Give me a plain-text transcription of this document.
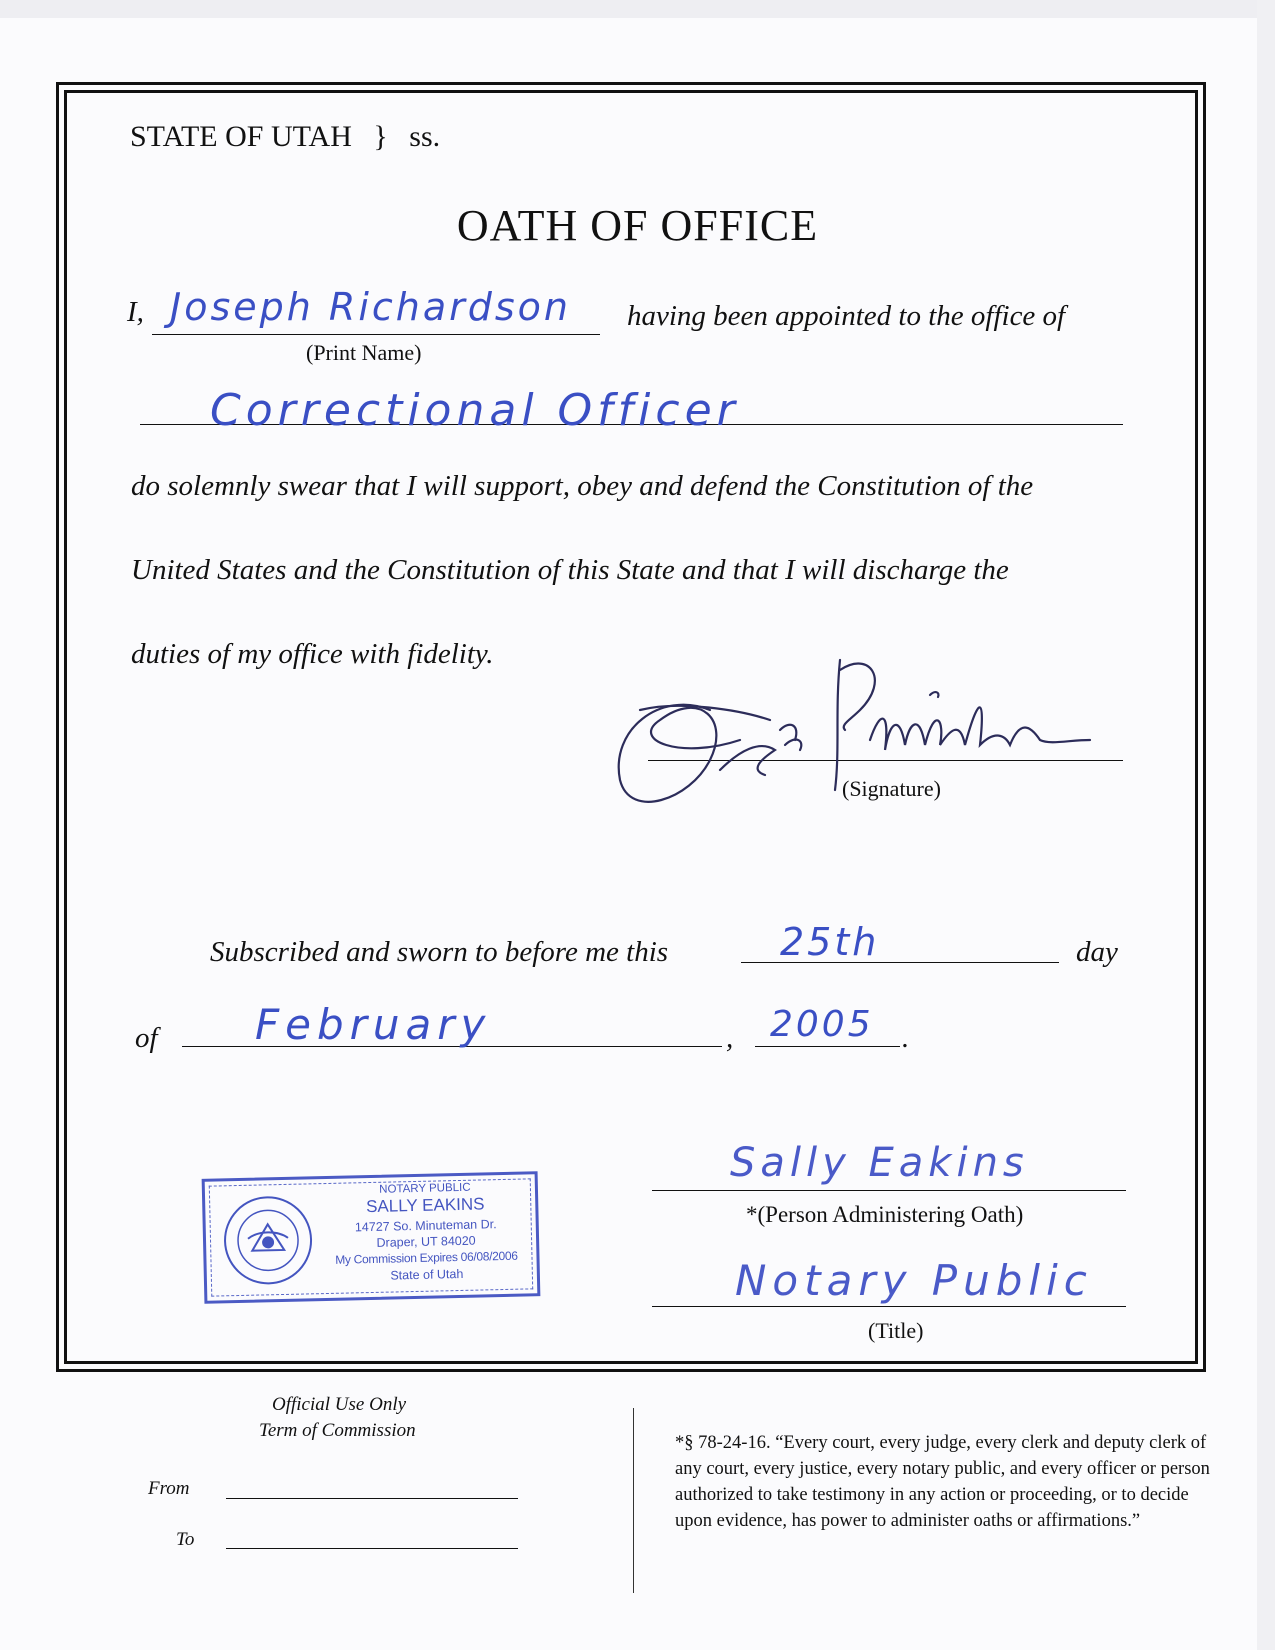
STATE OF UTAH } ss.
OATH OF OFFICE
I, Joseph Richardson
(Print Name)
having been appointed to the office of
Correctional Officer
do solemnly swear that I will support, obey and defend the Constitution of the
United States and the Constitution of this State and that I will discharge the
duties of my office with fidelity.
(Signature)
Subscribed and sworn to before me this	25th	day
of February	, 2005 .
NOTARY PUBLIC
SALLY EAKINS
14727 So. Minuteman Dr.
Draper, UT 84020
My Commission Expires 06/08/2006
State of Utah
Sally Eakins
*(Person Administering Oath)
Notary Public
(Title)
Official Use Only
Term of Commission
From
To
*§ 78-24-16. “Every court, every judge, every clerk and deputy clerk of any court, every justice, every notary public, and every officer or person authorized to take testimony in any action or proceeding, or to decide upon evidence, has power to administer oaths or affirmations.”
